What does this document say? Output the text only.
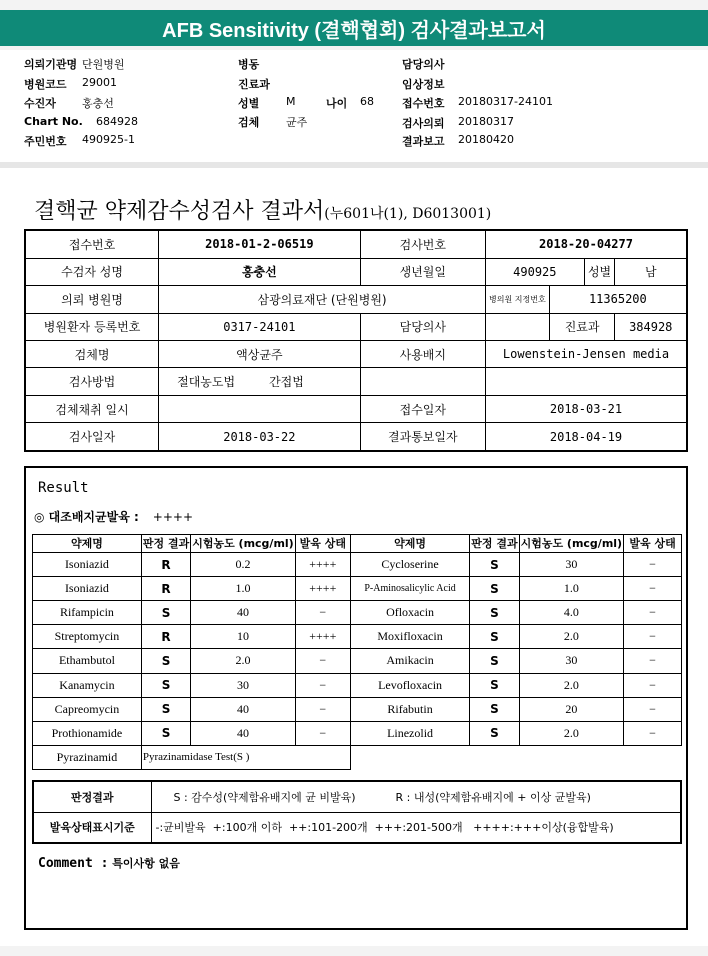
AFB Sensitivity (결핵협회) 검사결과보고서
의뢰기관명 단원병원
병원코드 29001
수진자 홍충선
Chart No. 684928
주민번호 490925-1
병동
진료과
성별 M	나이 68
검체 균주
담당의사
임상정보
접수번호 20180317-24101
검사의뢰 20180317
결과보고 20180420
결핵균 약제감수성검사 결과서(누601나(1), D6013001)
접수번호	2018-01-2-06519	검사번호	2018-20-04277			
수검자 성명	홍충선	생년월일	490925		성별	남
의뢰 병원명	삼광의료재단 (단원병원)		병의원 지정번호	11365200		
병원환자 등록번호	0317-24101	담당의사		진료과		384928
검체명	액상균주	사용배지	Lowenstein-Jensen media			
검사방법	절대농도법 간접법					
검체채취 일시		접수일자	2018-03-21			
검사일자	2018-03-22	결과통보일자	2018-04-19			
Result
◎ 대조배지균발육 : ++++
약제명	판정 결과	시험농도 (mcg/ml)	발육 상태	약제명	판정 결과	시험농도 (mcg/ml)	발육 상태
Isoniazid	R	0.2	++++	Cycloserine	S	30	−
Isoniazid	R	1.0	++++	P-Aminosalicylic Acid	S	1.0	−
Rifampicin	S	40	−	Ofloxacin	S	4.0	−
Streptomycin	R	10	++++	Moxifloxacin	S	2.0	−
Ethambutol	S	2.0	−	Amikacin	S	30	−
Kanamycin	S	30	−	Levofloxacin	S	2.0	−
Capreomycin	S	40	−	Rifabutin	S	20	−
Prothionamide	S	40	−	Linezolid	S	2.0	−
Pyrazinamid	Pyrazinamidase Test(S )						
판정결과	S : 감수성(약제함유배지에 균 비발육) R : 내성(약제함유배지에 + 이상 균발육)
발육상태표시기준	-:균비발육  +:100개 이하  ++:101-200개  +++:201-500개   ++++:+++이상(융합발육)
Comment : 특이사항 없음
